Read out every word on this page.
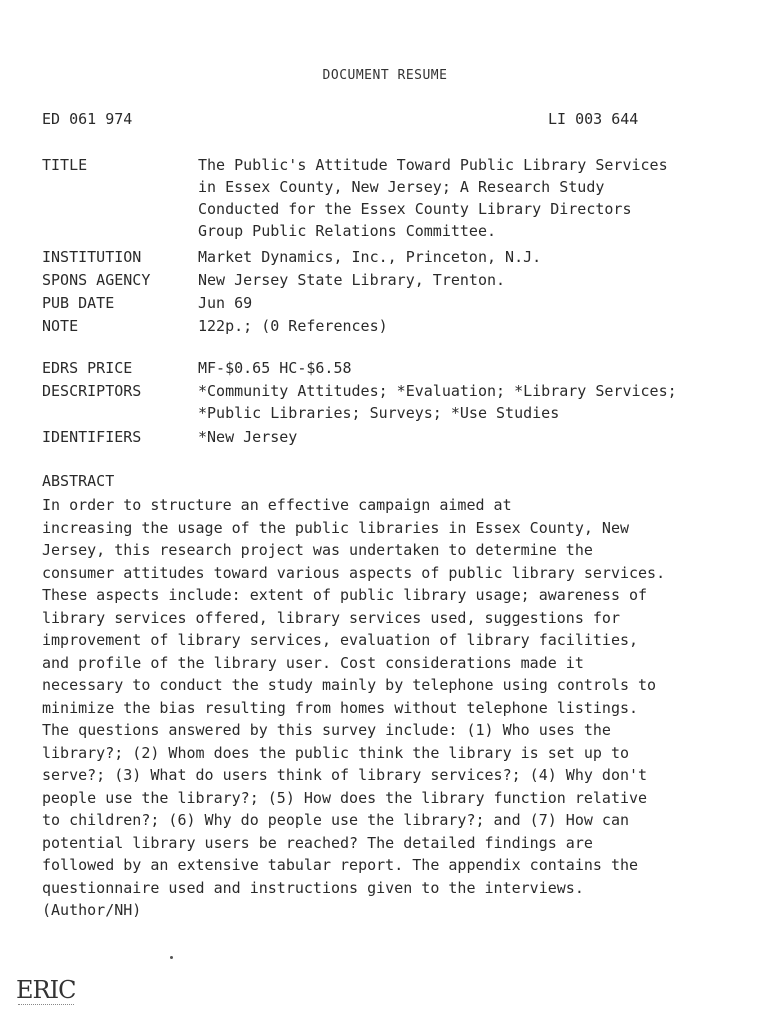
DOCUMENT RESUME
ED 061 974	LI 003 644
TITLE	The Public's Attitude Toward Public Library Services
in Essex County, New Jersey; A Research Study
Conducted for the Essex County Library Directors
Group Public Relations Committee.
INSTITUTION	Market Dynamics, Inc., Princeton, N.J.
SPONS AGENCY	New Jersey State Library, Trenton.
PUB DATE	Jun 69
NOTE	122p.; (0 References)
EDRS PRICE	MF-$0.65 HC-$6.58
DESCRIPTORS	*Community Attitudes; *Evaluation; *Library Services;
*Public Libraries; Surveys; *Use Studies
IDENTIFIERS	*New Jersey
ABSTRACT
In order to structure an effective campaign aimed at
increasing the usage of the public libraries in Essex County, New
Jersey, this research project was undertaken to determine the
consumer attitudes toward various aspects of public library services.
These aspects include: extent of public library usage; awareness of
library services offered, library services used, suggestions for
improvement of library services, evaluation of library facilities,
and profile of the library user. Cost considerations made it
necessary to conduct the study mainly by telephone using controls to
minimize the bias resulting from homes without telephone listings.
The questions answered by this survey include: (1) Who uses the
library?; (2) Whom does the public think the library is set up to
serve?; (3) What do users think of library services?; (4) Why don't
people use the library?; (5) How does the library function relative
to children?; (6) Why do people use the library?; and (7) How can
potential library users be reached? The detailed findings are
followed by an extensive tabular report. The appendix contains the
questionnaire used and instructions given to the interviews.
(Author/NH)
ERIC
